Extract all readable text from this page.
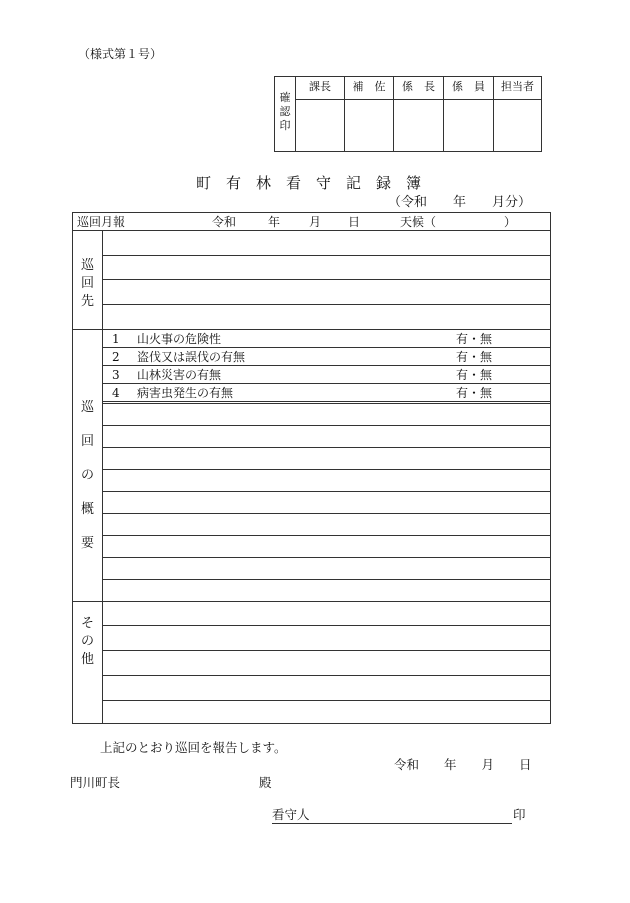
（様式第１号）
確認印
課長	補　佐	係　長	係　員	担当者
町　有　林　看　守　記　録　簿
（令和　　年　　月分）
巡回月報	令和	年 月 日	天候（	）
巡
回
先
巡
回
の
概
要
1 山火事の危険性	有・無
2 盗伐又は誤伐の有無	有・無
3 山林災害の有無	有・無
4 病害虫発生の有無	有・無
そ
の
他
上記のとおり巡回を報告します。
令和　　年　　月　　日
門川町長	殿
看守人	印
